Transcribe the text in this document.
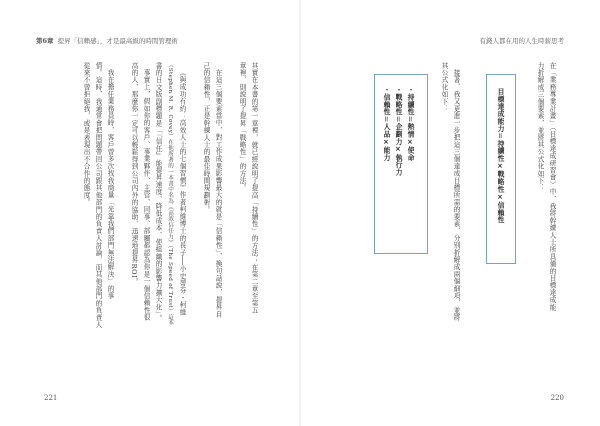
第6章 提昇「信賴感」，才是最高級的時間管理術
其實在本書的第一章裡，就已經說明了提高「持續性」的方法；在第二章至第五
章裡，則說明了提昇「戰略性」的方法。
在這三個要素當中，對工作成果影響最大的就是「信賴性」，換句話說，提昇自
己的信賴性，正是幹練人士的最佳時間規劃術。
《與成功有約：高效人士的七個習慣》作者柯維博士的長子──小史蒂芬・柯維
（Stephen M. R. Covey）在他所著的一本書中名為《高效信任力》（The Speed of Trust）這本
書的日文版副標題是「『信任』能提昇速度、降低成本、使組織的影響力擴大化」。
事實上，假如你的客戶、事業夥伴、主管、同事、部屬都認為你是一個信賴性很
高的人，那麼你一定可以輕鬆得到公司內外的協助，迅速地提昇ROI。
我在擔任業務員時，客戶曾多次找我商量「光靠我們部門無法解決」的事
情。這時，我通常會把問題帶回公司跟其他部門的負責人討論，而其他部門的負責人
從來不曾拒絕我，或是表現出不合作的態度。
221
有錢人都在用的人生時薪思考
在「業務專業計畫」（目標達成研習會）中，我將幹練人士所具備的目標達成能
力折解成三個要素，並將其公式化如下：
目標達成能力＝持續性×戰略性×信賴性
接著，我又更進一步把這三個達成目標所需的要素，分別折解成兩個細項，並將
其公式化如下：
・持續性＝熱情×使命
・戰略性＝企劃力×執行力
・信賴性＝人品×能力
220
